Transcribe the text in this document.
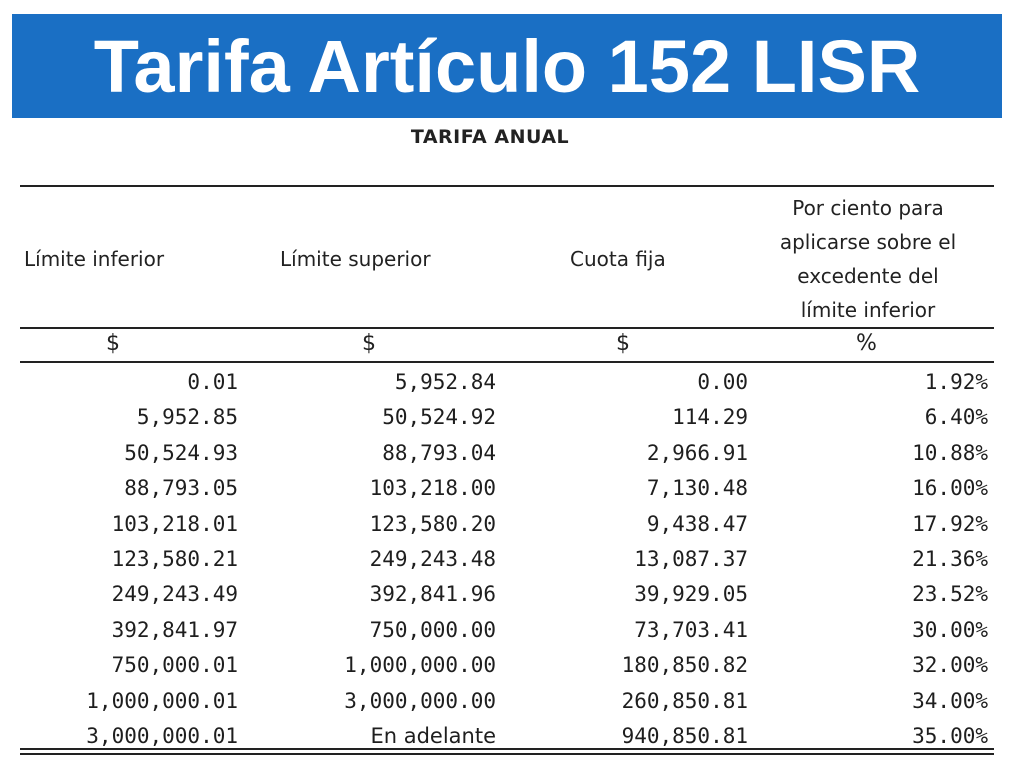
Tarifa Artículo 152 LISR
TARIFA ANUAL
Límite inferior	Límite superior	Cuota fija
Por ciento para
aplicarse sobre el
excedente del
límite inferior
$	$	$	%
0.01	5,952.84	0.00	1.92%
5,952.85	50,524.92	114.29	6.40%
50,524.93	88,793.04	2,966.91	10.88%
88,793.05	103,218.00	7,130.48	16.00%
103,218.01	123,580.20	9,438.47	17.92%
123,580.21	249,243.48	13,087.37	21.36%
249,243.49	392,841.96	39,929.05	23.52%
392,841.97	750,000.00	73,703.41	30.00%
750,000.01	1,000,000.00	180,850.82	32.00%
1,000,000.01	3,000,000.00	260,850.81	34.00%
3,000,000.01	En adelante	940,850.81	35.00%
